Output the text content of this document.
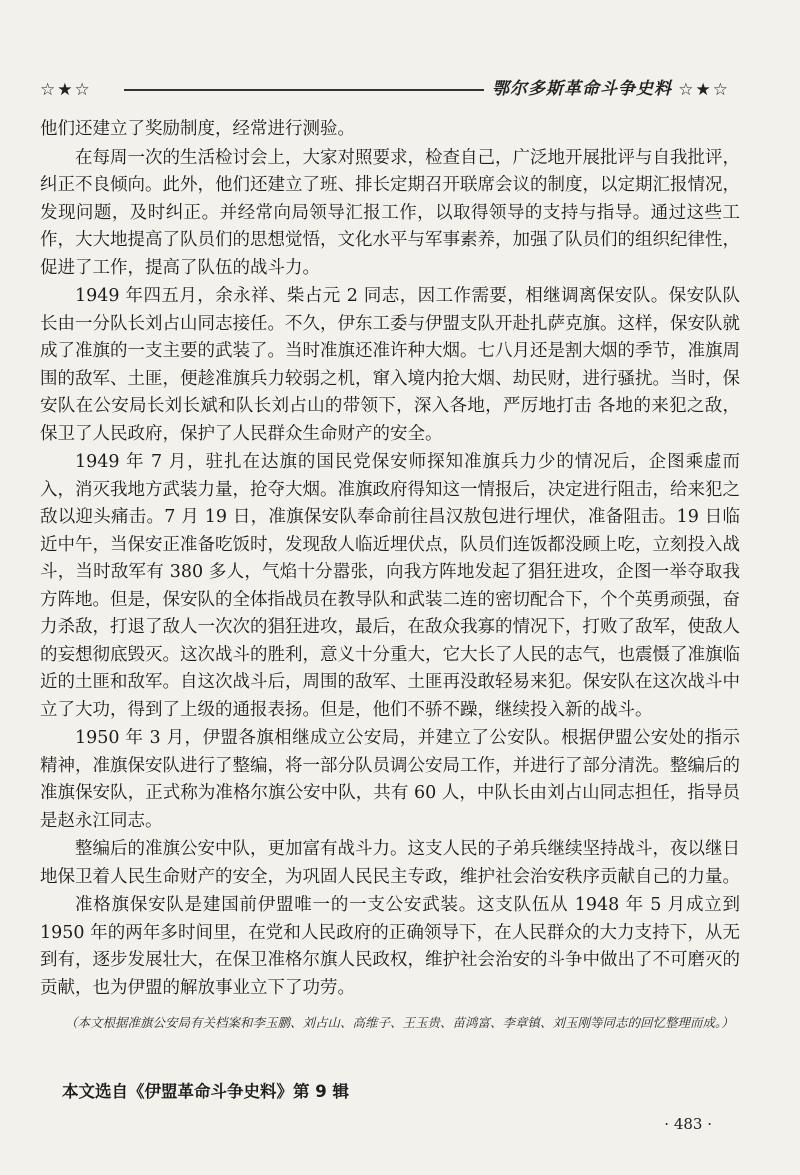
☆★☆	鄂尔多斯革命斗争史料 ☆★☆

他们还建立了奖励制度，经常进行测验。

在每周一次的生活检讨会上，大家对照要求，检查自己，广泛地开展批评与自我批评，纠正不良倾向。此外，他们还建立了班、排长定期召开联席会议的制度，以定期汇报情况，发现问题，及时纠正。并经常向局领导汇报工作，以取得领导的支持与指导。通过这些工作，大大地提高了队员们的思想觉悟，文化水平与军事素养，加强了队员们的组织纪律性，促进了工作，提高了队伍的战斗力。

1949 年四五月，余永祥、柴占元 2 同志，因工作需要，相继调离保安队。保安队队长由一分队长刘占山同志接任。不久，伊东工委与伊盟支队开赴扎萨克旗。这样，保安队就成了准旗的一支主要的武装了。当时准旗还准许种大烟。七八月还是割大烟的季节，准旗周围的敌军、土匪，便趁准旗兵力较弱之机，窜入境内抢大烟、劫民财，进行骚扰。当时，保安队在公安局长刘长斌和队长刘占山的带领下，深入各地，严厉地打击 各地的来犯之敌，保卫了人民政府，保护了人民群众生命财产的安全。

1949 年 7 月，驻扎在达旗的国民党保安师探知准旗兵力少的情况后，企图乘虚而入，消灭我地方武装力量，抢夺大烟。准旗政府得知这一情报后，决定进行阻击，给来犯之敌以迎头痛击。7 月 19 日，准旗保安队奉命前往昌汉敖包进行埋伏，准备阻击。19 日临近中午，当保安正准备吃饭时，发现敌人临近埋伏点，队员们连饭都没顾上吃，立刻投入战斗，当时敌军有 380 多人，气焰十分嚣张，向我方阵地发起了猖狂进攻，企图一举夺取我方阵地。但是，保安队的全体指战员在教导队和武装二连的密切配合下，个个英勇顽强，奋力杀敌，打退了敌人一次次的猖狂进攻，最后，在敌众我寡的情况下，打败了敌军，使敌人的妄想彻底毁灭。这次战斗的胜利，意义十分重大，它大长了人民的志气，也震慑了准旗临近的土匪和敌军。自这次战斗后，周围的敌军、土匪再没敢轻易来犯。保安队在这次战斗中立了大功，得到了上级的通报表扬。但是，他们不骄不躁，继续投入新的战斗。

1950 年 3 月，伊盟各旗相继成立公安局，并建立了公安队。根据伊盟公安处的指示精神，准旗保安队进行了整编，将一部分队员调公安局工作，并进行了部分清洗。整编后的准旗保安队，正式称为准格尔旗公安中队，共有 60 人，中队长由刘占山同志担任，指导员是赵永江同志。

整编后的准旗公安中队，更加富有战斗力。这支人民的子弟兵继续坚持战斗，夜以继日地保卫着人民生命财产的安全，为巩固人民民主专政，维护社会治安秩序贡献自己的力量。

准格旗保安队是建国前伊盟唯一的一支公安武装。这支队伍从 1948 年 5 月成立到 1950 年的两年多时间里，在党和人民政府的正确领导下，在人民群众的大力支持下，从无到有，逐步发展壮大，在保卫准格尔旗人民政权，维护社会治安的斗争中做出了不可磨灭的贡献，也为伊盟的解放事业立下了功劳。

（本文根据准旗公安局有关档案和李玉鹏、刘占山、高维子、王玉贵、苗鸿富、李章镇、刘玉刚等同志的回忆整理而成。）
本文选自《伊盟革命斗争史料》第 9 辑
· 483 ·
